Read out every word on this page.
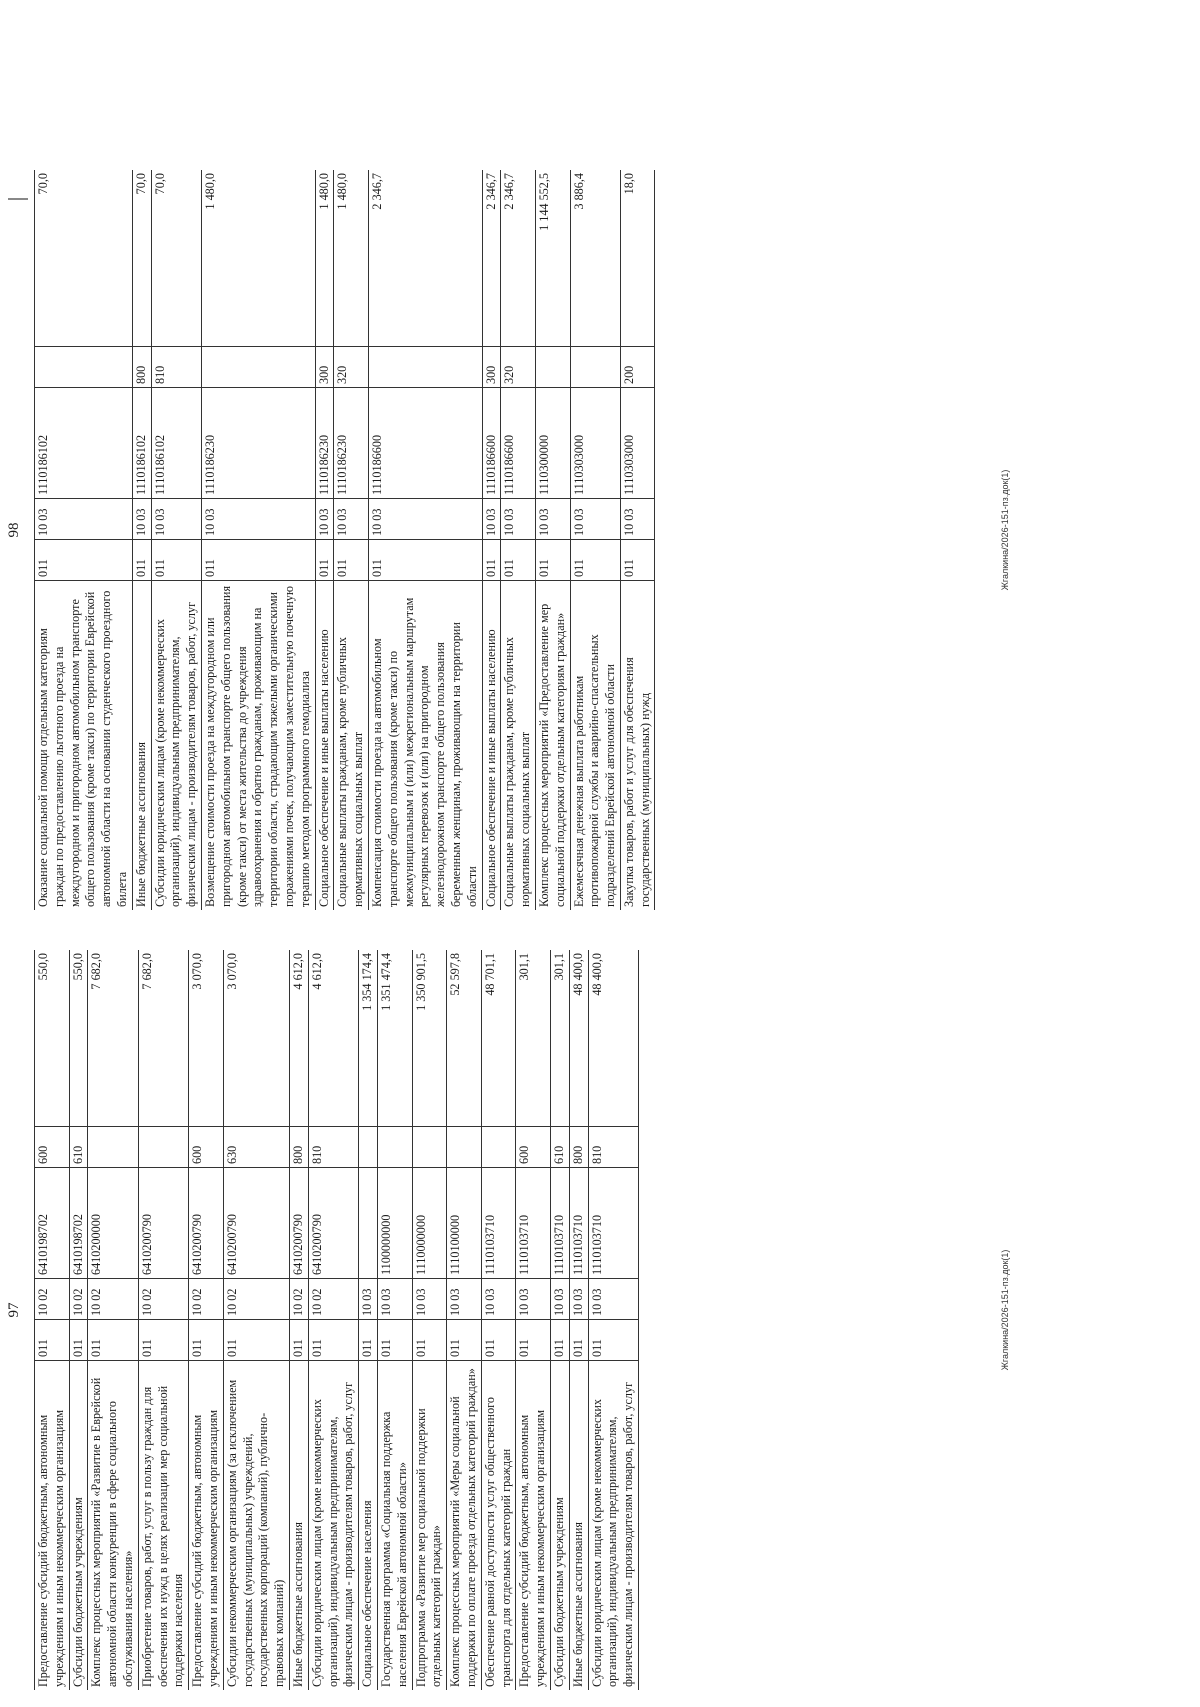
97
Предоставление субсидий бюджетным, автономным учреждениям и иным некоммерческим организациям	011	10 02	6410198702	600	550,0
Субсидии бюджетным учреждениям	011	10 02	6410198702	610	550,0
Комплекс процессных мероприятий «Развитие в Еврейской автономной области конкуренции в сфере социального обслуживания населения»	011	10 02	6410200000		7 682,0
Приобретение товаров, работ, услуг в пользу граждан для обеспечения их нужд в целях реализации мер социальной поддержки населения	011	10 02	6410200790		7 682,0
Предоставление субсидий бюджетным, автономным учреждениям и иным некоммерческим организациям	011	10 02	6410200790	600	3 070,0
Субсидии некоммерческим организациям (за исключением государственных (муниципальных) учреждений, государственных корпораций (компаний), публично-правовых компаний)	011	10 02	6410200790	630	3 070,0
Иные бюджетные ассигнования	011	10 02	6410200790	800	4 612,0
Субсидии юридическим лицам (кроме некоммерческих организаций), индивидуальным предпринимателям, физическим лицам - производителям товаров, работ, услуг	011	10 02	6410200790	810	4 612,0
Социальное обеспечение населения	011	10 03			1 354 174,4
Государственная программа «Социальная поддержка населения Еврейской автономной области»	011	10 03	1100000000		1 351 474,4
Подпрограмма «Развитие мер социальной поддержки отдельных категорий граждан»	011	10 03	1110000000		1 350 901,5
Комплекс процессных мероприятий «Меры социальной поддержки по оплате проезда отдельных категорий граждан»	011	10 03	1110100000		52 597,8
Обеспечение равной доступности услуг общественного транспорта для отдельных категорий граждан	011	10 03	1110103710		48 701,1
Предоставление субсидий бюджетным, автономным учреждениям и иным некоммерческим организациям	011	10 03	1110103710	600	301,1
Субсидии бюджетным учреждениям	011	10 03	1110103710	610	301,1
Иные бюджетные ассигнования	011	10 03	1110103710	800	48 400,0
Субсидии юридическим лицам (кроме некоммерческих организаций), индивидуальным предпринимателям, физическим лицам - производителям товаров, работ, услуг	011	10 03	1110103710	810	48 400,0
Жгалкина/2026-151-пз.док(1)
98
Оказание социальной помощи отдельным категориям граждан по предоставлению льготного проезда на междугородном и пригородном автомобильном транспорте общего пользования (кроме такси) по территории Еврейской автономной области на основании студенческого проездного билета	011	10 03	1110186102		70,0
Иные бюджетные ассигнования	011	10 03	1110186102	800	70,0
Субсидии юридическим лицам (кроме некоммерческих организаций), индивидуальным предпринимателям, физическим лицам - производителям товаров, работ, услуг	011	10 03	1110186102	810	70,0
Возмещение стоимости проезда на междугородном или пригородном автомобильном транспорте общего пользования (кроме такси) от места жительства до учреждения здравоохранения и обратно гражданам, проживающим на территории области, страдающим тяжелыми органическими поражениями почек, получающим заместительную почечную терапию методом программного гемодиализа	011	10 03	1110186230		1 480,0
Социальное обеспечение и иные выплаты населению	011	10 03	1110186230	300	1 480,0
Социальные выплаты гражданам, кроме публичных нормативных социальных выплат	011	10 03	1110186230	320	1 480,0
Компенсация стоимости проезда на автомобильном транспорте общего пользования (кроме такси) по межмуниципальным и (или) межрегиональным маршрутам регулярных перевозок и (или) на пригородном железнодорожном транспорте общего пользования беременным женщинам, проживающим на территории области	011	10 03	1110186600		2 346,7
Социальное обеспечение и иные выплаты населению	011	10 03	1110186600	300	2 346,7
Социальные выплаты гражданам, кроме публичных нормативных социальных выплат	011	10 03	1110186600	320	2 346,7
Комплекс процессных мероприятий «Предоставление мер социальной поддержки отдельным категориям граждан»	011	10 03	1110300000		1 144 552,5
Ежемесячная денежная выплата работникам противопожарной службы и аварийно-спасательных подразделений Еврейской автономной области	011	10 03	1110303000		3 886,4
Закупка товаров, работ и услуг для обеспечения государственных (муниципальных) нужд	011	10 03	1110303000	200	18,0
Жгалкина/2026-151-пз.док(1)
